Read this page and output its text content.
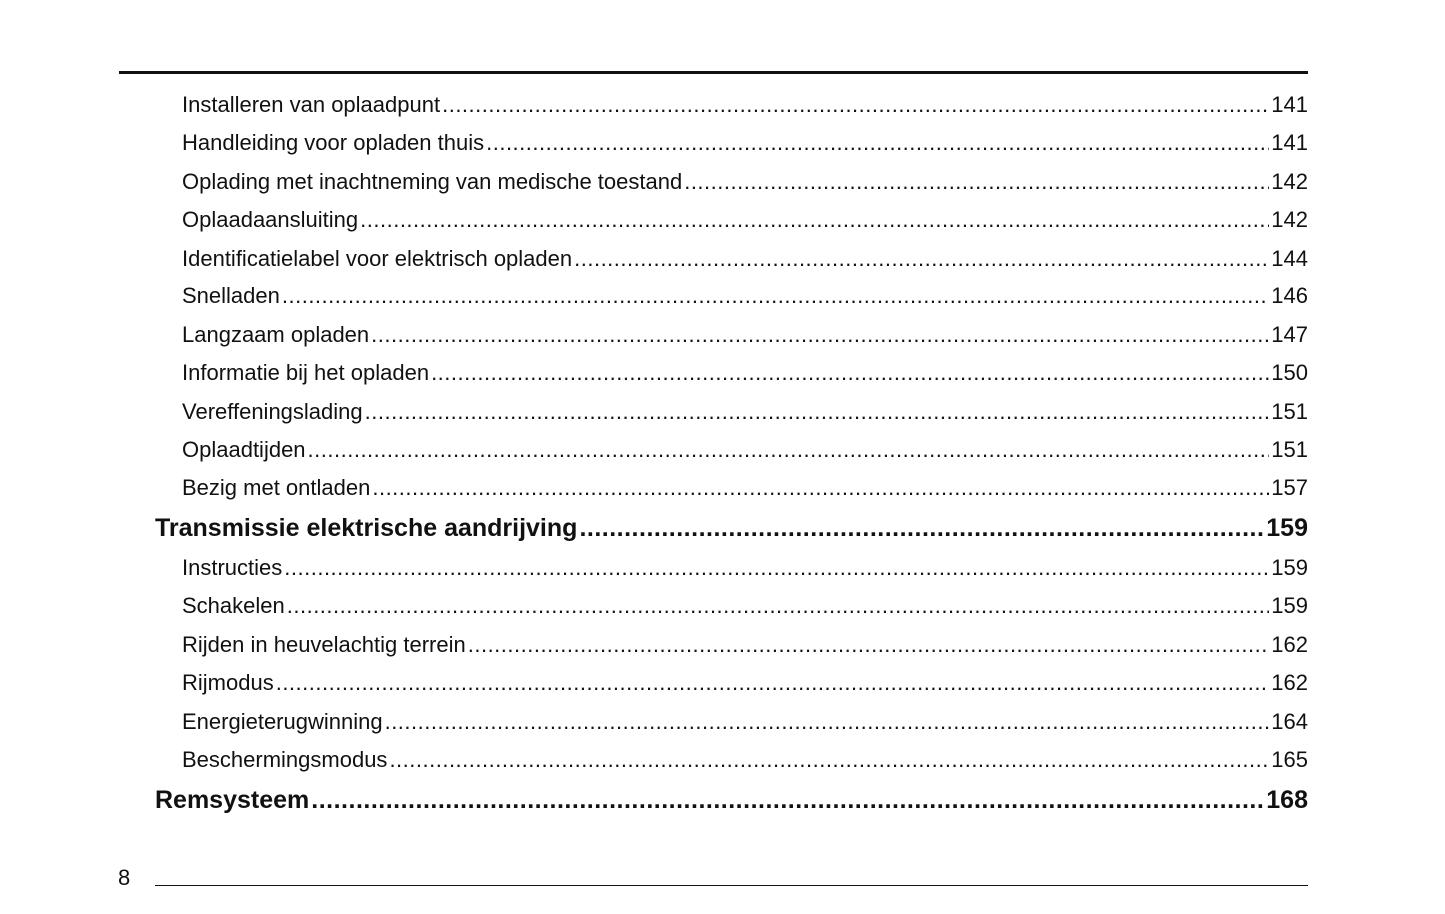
Installeren van oplaadpunt .....	141
Handleiding voor opladen thuis .....	141
Oplading met inachtneming van medische toestand .....	142
Oplaadaansluiting .....	142
Identificatielabel voor elektrisch opladen .....	144
Snelladen .....	146
Langzaam opladen .....	147
Informatie bij het opladen .....	150
Vereffeningslading .....	151
Oplaadtijden .....	151
Bezig met ontladen .....	157
Transmissie elektrische aandrijving .....	159
Instructies .....	159
Schakelen .....	159
Rijden in heuvelachtig terrein .....	162
Rijmodus .....	162
Energieterugwinning .....	164
Beschermingsmodus .....	165
Remsysteem .....	168
8
